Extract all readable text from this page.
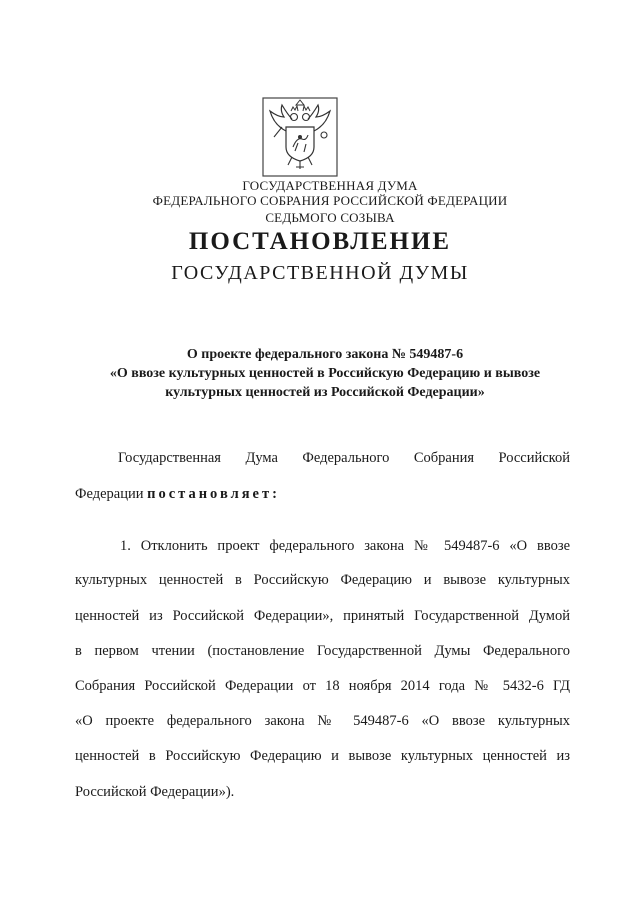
ГОСУДАРСТВЕННАЯ ДУМА
ФЕДЕРАЛЬНОГО СОБРАНИЯ РОССИЙСКОЙ ФЕДЕРАЦИИ
СЕДЬМОГО СОЗЫВА
ПОСТАНОВЛЕНИЕ
ГОСУДАРСТВЕННОЙ ДУМЫ
О проекте федерального закона № 549487-6
«О ввозе культурных ценностей в Российскую Федерацию и вывозе
культурных ценностей из Российской Федерации»
Государственная Дума Федерального Собрания Российской
Федерации постановляет:
1. Отклонить проект федерального закона № 549487-6 «О ввозе
культурных ценностей в Российскую Федерацию и вывозе культурных
ценностей из Российской Федерации», принятый Государственной Думой
в первом чтении (постановление Государственной Думы Федерального
Собрания Российской Федерации от 18 ноября 2014 года № 5432-6 ГД
«О проекте федерального закона № 549487-6 «О ввозе культурных
ценностей в Российскую Федерацию и вывозе культурных ценностей из
Российской Федерации»).
